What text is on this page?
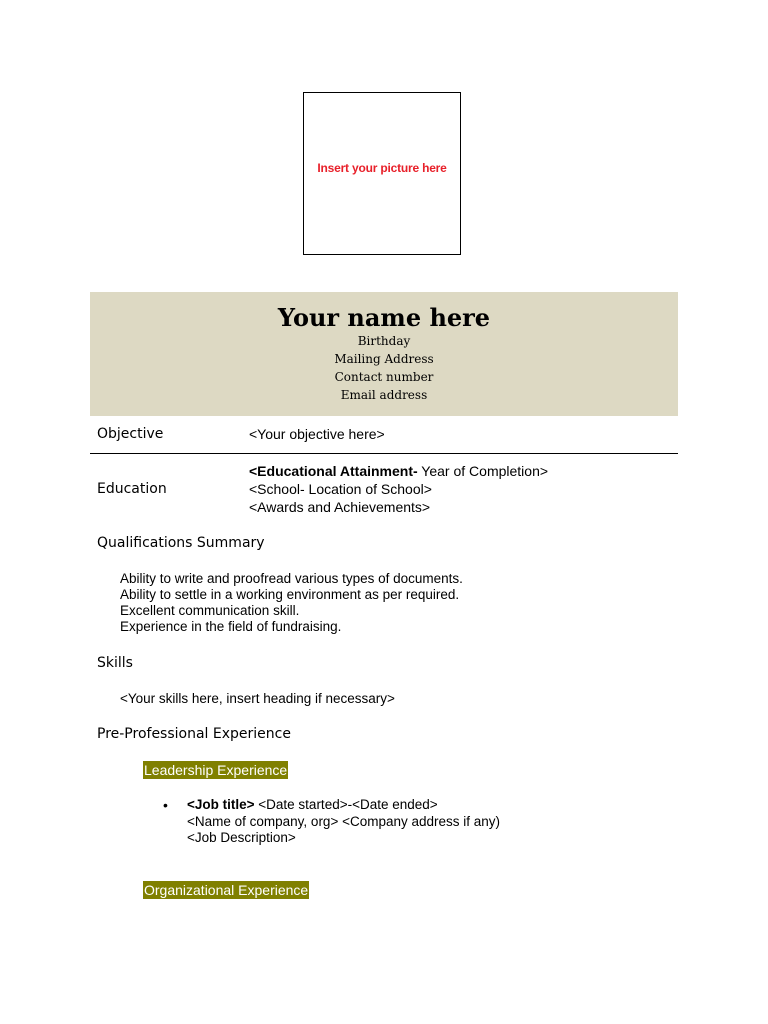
Insert your picture here
Your name here
Birthday
Mailing Address
Contact number
Email address
Objective	<Your objective here>
Education
<Educational Attainment- Year of Completion>
<School- Location of School>
<Awards and Achievements>
Qualifications Summary
Ability to write and proofread various types of documents.
Ability to settle in a working environment as per required.
Excellent communication skill.
Experience in the field of fundraising.
Skills
<Your skills here, insert heading if necessary>
Pre-Professional Experience
Leadership Experience
• <Job title> <Date started>-<Date ended>
<Name of company, org> <Company address if any)
<Job Description>
Organizational Experience
